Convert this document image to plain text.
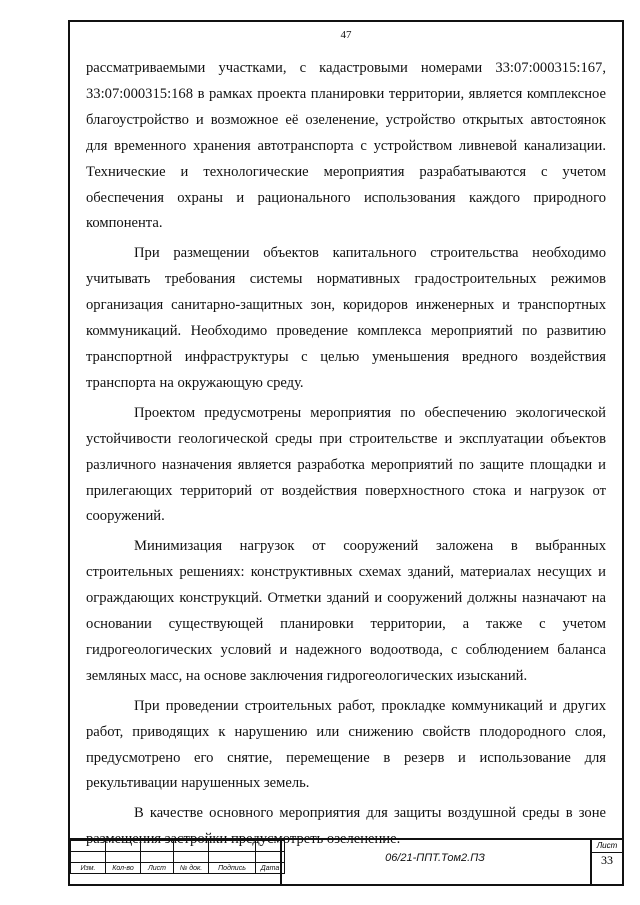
47

рассматриваемыми участками, с кадастровыми номерами 33:07:000315:167, 33:07:000315:168 в рамках проекта планировки территории, является комплексное благоустройство и возможное её озеленение, устройство открытых автостоянок для временного хранения автотранспорта с устройством ливневой канализации. Технические и технологические мероприятия разрабатываются с учетом обеспечения охраны и рационального использования каждого природного компонента.

При размещении объектов капитального строительства необходимо учитывать требования системы нормативных градостроительных режимов организация санитарно-защитных зон, коридоров инженерных и транспортных коммуникаций. Необходимо проведение комплекса мероприятий по развитию транспортной инфраструктуры с целью уменьшения вредного воздействия транспорта на окружающую среду.

Проектом предусмотрены мероприятия по обеспечению экологической устойчивости геологической среды при строительстве и эксплуатации объектов различного назначения является разработка мероприятий по защите площадки и прилегающих территорий от воздействия поверхностного стока и нагрузок от сооружений.

Минимизация нагрузок от сооружений заложена в выбранных строительных решениях: конструктивных схемах зданий, материалах несущих и ограждающих конструкций. Отметки зданий и сооружений должны назначают на основании существующей планировки территории, а также с учетом гидрогеологических условий и надежного водоотвода, с соблюдением баланса земляных масс, на основе заключения гидрогеологических изысканий.

При проведении строительных работ, прокладке коммуникаций и других работ, приводящих к нарушению или снижению свойств плодородного слоя, предусмотрено его снятие, перемещение в резерв и использование для рекультивации нарушенных земель.

В качестве основного мероприятия для защиты воздушной среды в зоне размещения застройки предусмотреть озеленение.

Изм.	Кол-во	Лист	№ док.	Подпись	Дата
06/21-ППТ.Том2.ПЗ
Лист
33
